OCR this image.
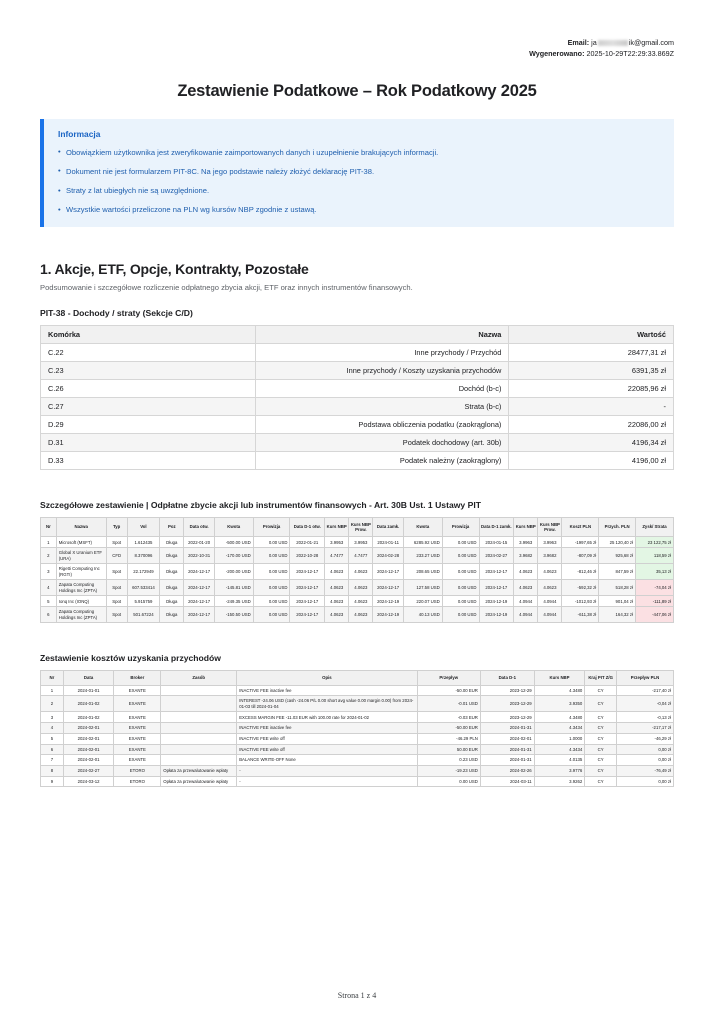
Email: ja	ik@gmail.com
Wygenerowano: 2025-10-29T22:29:33.869Z
Zestawienie Podatkowe – Rok Podatkowy 2025
Informacja
• Obowiązkiem użytkownika jest zweryfikowanie zaimportowanych danych i uzupełnienie brakujących informacji.
• Dokument nie jest formularzem PIT-8C. Na jego podstawie należy złożyć deklarację PIT-38.
• Straty z lat ubiegłych nie są uwzględnione.
• Wszystkie wartości przeliczone na PLN wg kursów NBP zgodnie z ustawą.
1. Akcje, ETF, Opcje, Kontrakty, Pozostałe

Podsumowanie i szczegółowe rozliczenie odpłatnego zbycia akcji, ETF oraz innych instrumentów finansowych.

PIT-38 - Dochody / straty (Sekcje C/D)
Komórka	Nazwa	Wartość
C.22	Inne przychody / Przychód	28477,31 zł
C.23	Inne przychody / Koszty uzyskania przychodów	6391,35 zł
C.26	Dochód (b-c)	22085,96 zł
C.27	Strata (b-c)	-
D.29	Podstawa obliczenia podatku (zaokrąglona)	22086,00 zł
D.31	Podatek dochodowy (art. 30b)	4196,34 zł
D.33	Podatek należny (zaokrąglony)	4196,00 zł
Szczegółowe zestawienie | Odpłatne zbycie akcji lub instrumentów finansowych - Art. 30B Ust. 1 Ustawy PIT
Nr	Nazwa	Typ	Vol	Poz	Data otw.	Kwota	Prowizja	Data D-1 otw.	Kurs NBP	Kurs NBP Prow.	Data zamk.	Kwota	Prowizja	Data D-1 zamk.	Kurs NBP	Kurs NBP Prow.	Koszt PLN	Przych. PLN	Zysk/ Strata
1	Microsoft (MSFT)	Spot	1.612435	Długa	2022-01-20	-500.00 USD	0.00 USD	2022-01-21	3.9953	3.9953	2024-01-11	6285.92 USD	0.00 USD	2024-01-15	3.9963	3.9963	-1997,65 zł	25 120,40 zł	23 122,75 zł
2	Global X Uranium ETF (URA)	CFD	8.370096	Długa	2022-10-31	-170.00 USD	0.00 USD	2022-10-28	4.7477	4.7477	2024-02-28	233.27 USD	0.00 USD	2024-02-27	3.9682	3.9682	-807,09 zł	925,68 zł	118,59 zł
3	Rigetti Computing Inc (RGTI)	Spot	22.172949	Długa	2024-12-17	-200.00 USD	0.00 USD	2024-12-17	4.0623	4.0623	2024-12-17	208.65 USD	0.00 USD	2024-12-17	4.0623	4.0623	-812,46 zł	847,59 zł	35,13 zł
4	Zapata Computing Holdings Inc (ZPTA)	Spot	607.533414	Długa	2024-12-17	-145.81 USD	0.00 USD	2024-12-17	4.0623	4.0623	2024-12-17	127.58 USD	0.00 USD	2024-12-17	4.0623	4.0623	-592,32 zł	518,28 zł	-74,04 zł
5	Ionq Inc (IONQ)	Spot	5.915759	Długa	2024-12-17	-249.35 USD	0.00 USD	2024-12-17	4.0623	4.0623	2024-12-19	220.07 USD	0.00 USD	2024-12-19	4.0944	4.0944	-1012,93 zł	901,04 zł	-111,89 zł
6	Zapata Computing Holdings Inc (ZPTA)	Spot	501.67224	Długa	2024-12-17	-150.50 USD	0.00 USD	2024-12-17	4.0623	4.0623	2024-12-19	40.13 USD	0.00 USD	2024-12-19	4.0944	4.0944	-611,38 zł	164,32 zł	-447,06 zł
Zestawienie kosztów uzyskania przychodów
Nr	Data	Broker	Zasób	Opis	Przepływ	Data D-1	Kurs NBP	Kraj PIT Z/G	Przepływ PLN
1	2024-01-01	EXANTE		INACTIVE FEE inactive fee	-50.00 EUR	2023-12-29	4.3480	CY	-217,40 zł
2	2024-01-02	EXANTE		INTEREST -24.06 USD (cash -24.06 P/L 0.00 short avg value 0.00 margin 0.00) from 2024-01-03 till 2024-01-04	-0.01 USD	2023-12-29	3.9350	CY	-0,04 zł
3	2024-01-02	EXANTE		EXCESS MARGIN FEE -11.03 EUR with 100.00 rate for 2024-01-02	-0.03 EUR	2023-12-29	4.3480	CY	-0,13 zł
4	2024-02-01	EXANTE		INACTIVE FEE inactive fee	-50.00 EUR	2024-01-31	4.3434	CY	-217,17 zł
5	2024-02-01	EXANTE		INACTIVE FEE write off	-46.29 PLN	2024-02-01	1.0000	CY	-46,29 zł
6	2024-02-01	EXANTE		INACTIVE FEE write off	50.00 EUR	2024-01-31	4.3434	CY	0,00 zł
7	2024-02-01	EXANTE		BALANCE WRITE-OFF None	0.23 USD	2024-01-31	4.0135	CY	0,00 zł
8	2024-02-27	ETORO	Opłata za przewalutowanie wpłaty	-	-19.23 USD	2024-02-26	3.9776	CY	-76,49 zł
9	2024-03-12	ETORO	Opłata za przewalutowanie wpłaty	-	0.00 USD	2024-03-11	3.9262	CY	0,00 zł
Strona 1 z 4
